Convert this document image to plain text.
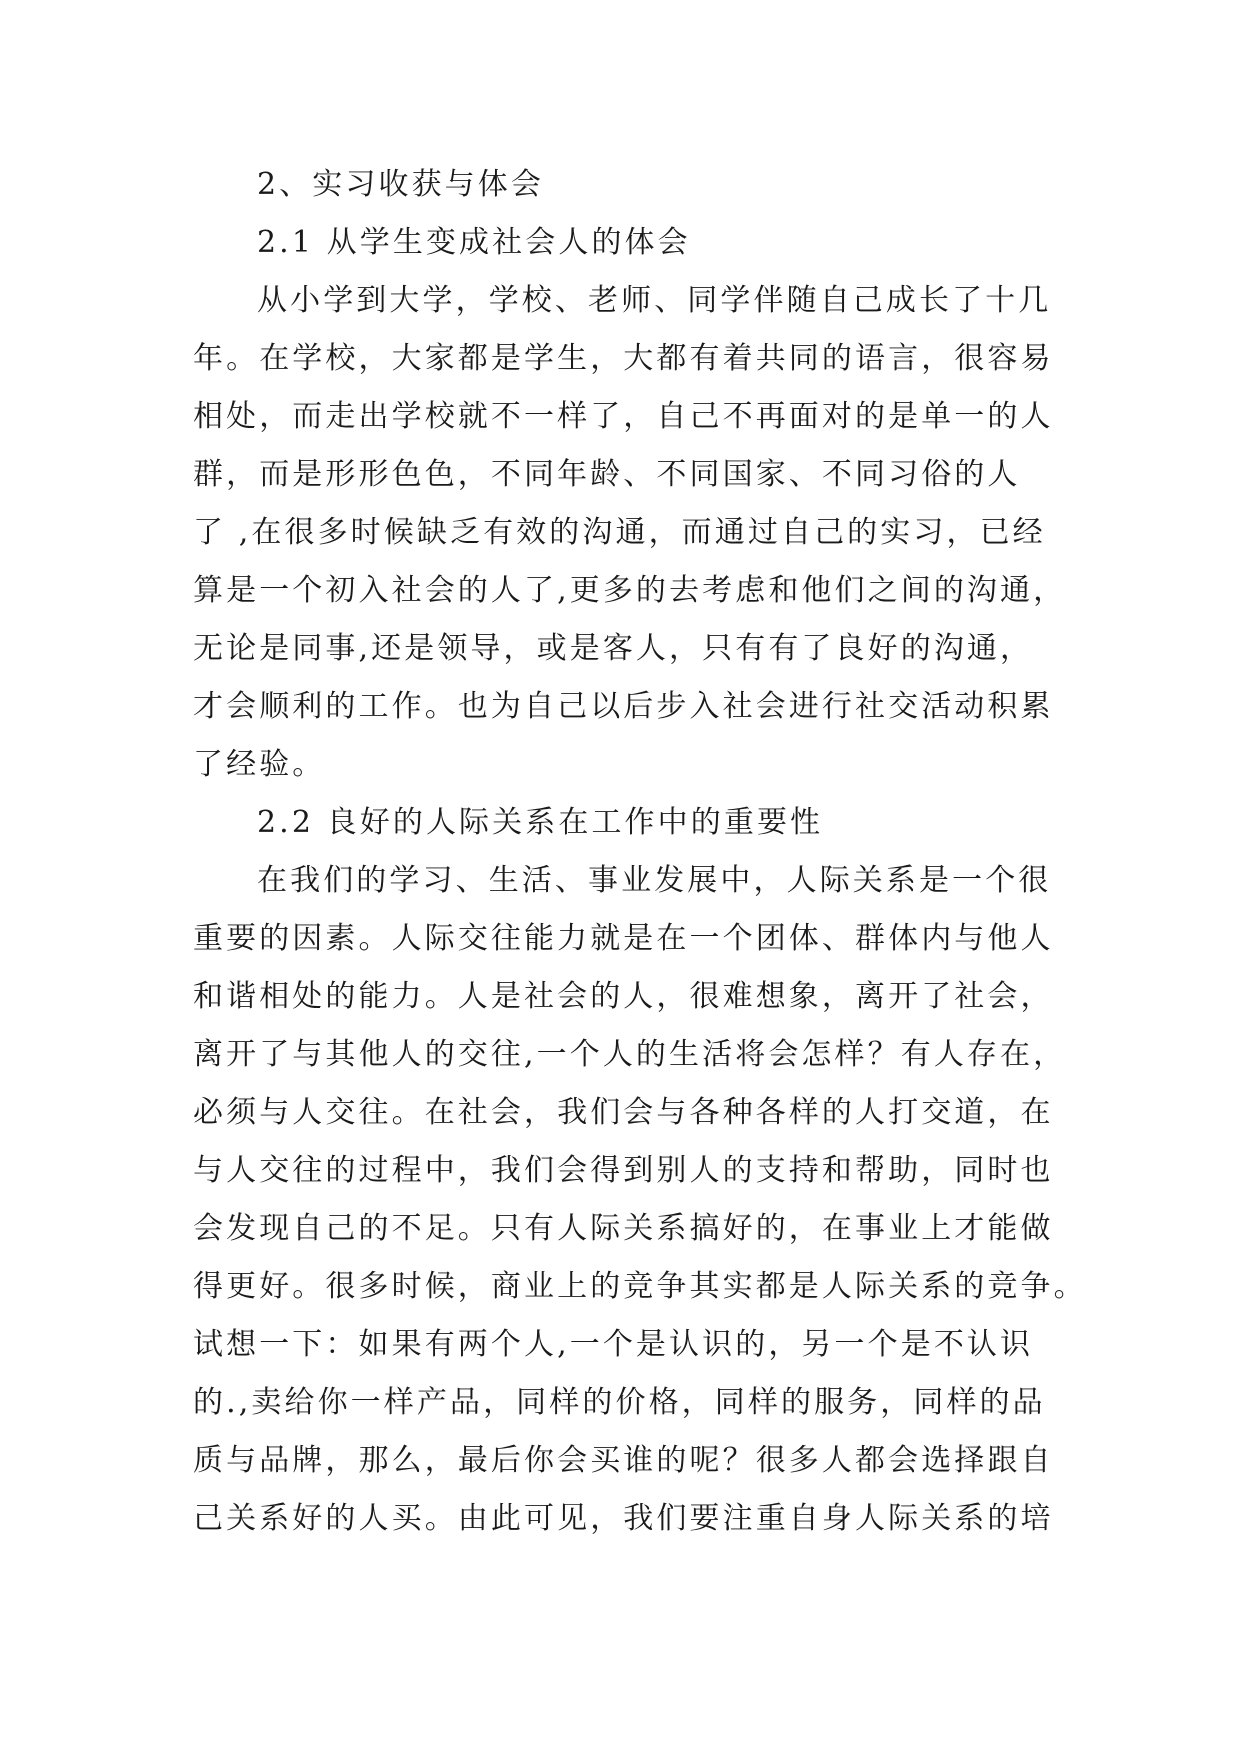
2、实习收获与体会
2.1 从学生变成社会人的体会
从小学到大学，学校、老师、同学伴随自己成长了十几
年。在学校，大家都是学生，大都有着共同的语言，很容易
相处，而走出学校就不一样了，自己不再面对的是单一的人
群，而是形形色色，不同年龄、不同国家、不同习俗的人
了 ,在很多时候缺乏有效的沟通，而通过自己的实习，已经
算是一个初入社会的人了,更多的去考虑和他们之间的沟通，
无论是同事,还是领导，或是客人，只有有了良好的沟通，
才会顺利的工作。也为自己以后步入社会进行社交活动积累
了经验。
2.2 良好的人际关系在工作中的重要性
在我们的学习、生活、事业发展中，人际关系是一个很
重要的因素。人际交往能力就是在一个团体、群体内与他人
和谐相处的能力。人是社会的人，很难想象，离开了社会，
离开了与其他人的交往,一个人的生活将会怎样？有人存在，
必须与人交往。在社会，我们会与各种各样的人打交道，在
与人交往的过程中，我们会得到别人的支持和帮助，同时也
会发现自己的不足。只有人际关系搞好的，在事业上才能做
得更好。很多时候，商业上的竞争其实都是人际关系的竞争。
试想一下：如果有两个人,一个是认识的，另一个是不认识
的.,卖给你一样产品，同样的价格，同样的服务，同样的品
质与品牌，那么，最后你会买谁的呢？很多人都会选择跟自
己关系好的人买。由此可见，我们要注重自身人际关系的培
